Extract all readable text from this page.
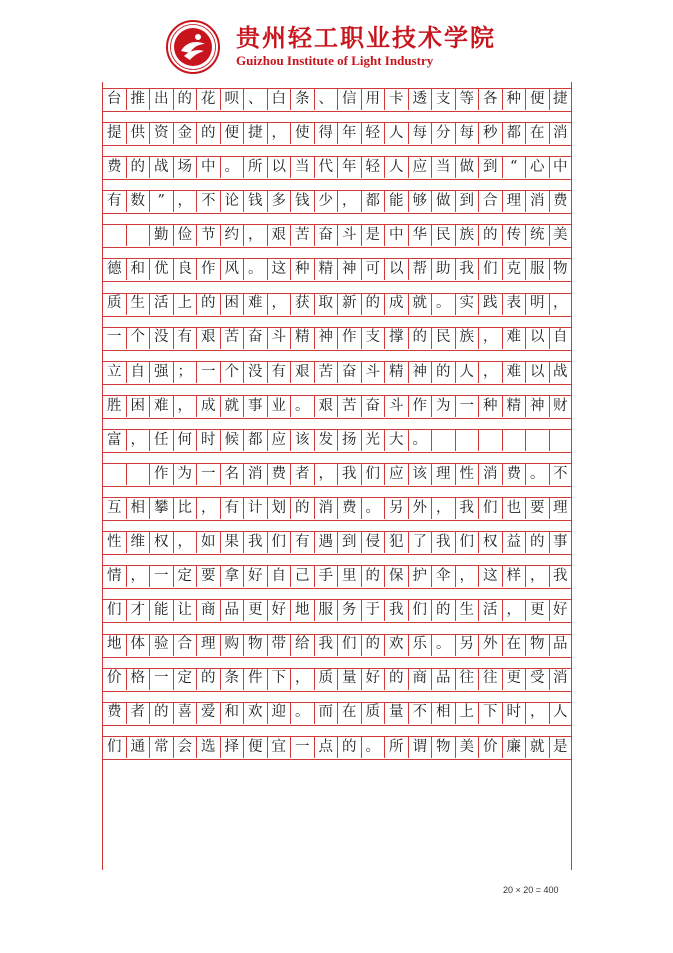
贵州轻工职业技术学院
Guizhou Institute of Light Industry
台 推 出 的 花 呗 、 白 条 、 信 用 卡 透 支 等 各 种 便 捷
提 供 资 金 的 便 捷 ， 使 得 年 轻 人 每 分 每 秒 都 在 消
费 的 战 场 中 。 所 以 当 代 年 轻 人 应 当 做 到 “ 心 中
有 数 ” ， 不 论 钱 多 钱 少 ， 都 能 够 做 到 合 理 消 费
勤 俭 节 约 ， 艰 苦 奋 斗 是 中 华 民 族 的 传 统 美
德 和 优 良 作 风 。 这 种 精 神 可 以 帮 助 我 们 克 服 物
质 生 活 上 的 困 难 ， 获 取 新 的 成 就 。 实 践 表 明 ，
一 个 没 有 艰 苦 奋 斗 精 神 作 支 撑 的 民 族 ， 难 以 自
立 自 强 ； 一 个 没 有 艰 苦 奋 斗 精 神 的 人 ， 难 以 战
胜 困 难 ， 成 就 事 业 。 艰 苦 奋 斗 作 为 一 种 精 神 财
富 ， 任 何 时 候 都 应 该 发 扬 光 大 。
作 为 一 名 消 费 者 ， 我 们 应 该 理 性 消 费 。 不
互 相 攀 比 ， 有 计 划 的 消 费 。 另 外 ， 我 们 也 要 理
性 维 权 ， 如 果 我 们 有 遇 到 侵 犯 了 我 们 权 益 的 事
情 ， 一 定 要 拿 好 自 己 手 里 的 保 护 伞 ， 这 样 ， 我
们 才 能 让 商 品 更 好 地 服 务 于 我 们 的 生 活 ， 更 好
地 体 验 合 理 购 物 带 给 我 们 的 欢 乐 。 另 外 在 物 品
价 格 一 定 的 条 件 下 ， 质 量 好 的 商 品 往 往 更 受 消
费 者 的 喜 爱 和 欢 迎 。 而 在 质 量 不 相 上 下 时 ， 人
们 通 常 会 选 择 便 宜 一 点 的 。 所 谓 物 美 价 廉 就 是
20 × 20 = 400
